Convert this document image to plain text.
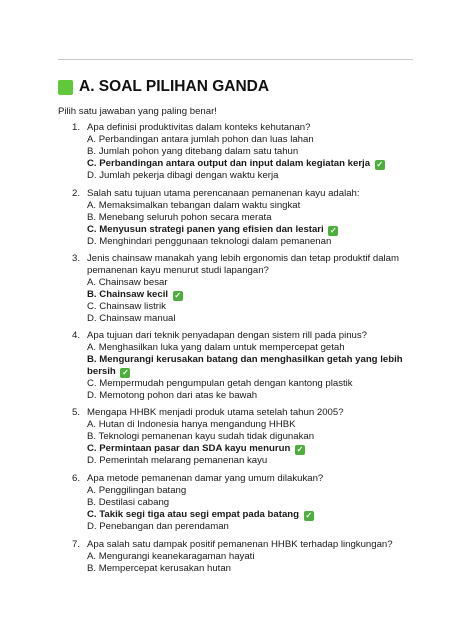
A. SOAL PILIHAN GANDA
Pilih satu jawaban yang paling benar!
1. Apa definisi produktivitas dalam konteks kehutanan?
A. Perbandingan antara jumlah pohon dan luas lahan
B. Jumlah pohon yang ditebang dalam satu tahun
C. Perbandingan antara output dan input dalam kegiatan kerja ✓
D. Jumlah pekerja dibagi dengan waktu kerja
2. Salah satu tujuan utama perencanaan pemanenan kayu adalah:
A. Memaksimalkan tebangan dalam waktu singkat
B. Menebang seluruh pohon secara merata
C. Menyusun strategi panen yang efisien dan lestari ✓
D. Menghindari penggunaan teknologi dalam pemanenan
3. Jenis chainsaw manakah yang lebih ergonomis dan tetap produktif dalam
pemanenan kayu menurut studi lapangan?
A. Chainsaw besar
B. Chainsaw kecil ✓
C. Chainsaw listrik
D. Chainsaw manual
4. Apa tujuan dari teknik penyadapan dengan sistem rill pada pinus?
A. Menghasilkan luka yang dalam untuk mempercepat getah
B. Mengurangi kerusakan batang dan menghasilkan getah yang lebih bersih ✓
C. Mempermudah pengumpulan getah dengan kantong plastik
D. Memotong pohon dari atas ke bawah
5. Mengapa HHBK menjadi produk utama setelah tahun 2005?
A. Hutan di Indonesia hanya mengandung HHBK
B. Teknologi pemanenan kayu sudah tidak digunakan
C. Permintaan pasar dan SDA kayu menurun ✓
D. Pemerintah melarang pemanenan kayu
6. Apa metode pemanenan damar yang umum dilakukan?
A. Penggilingan batang
B. Destilasi cabang
C. Takik segi tiga atau segi empat pada batang ✓
D. Penebangan dan perendaman
7. Apa salah satu dampak positif pemanenan HHBK terhadap lingkungan?
A. Mengurangi keanekaragaman hayati
B. Mempercepat kerusakan hutan
